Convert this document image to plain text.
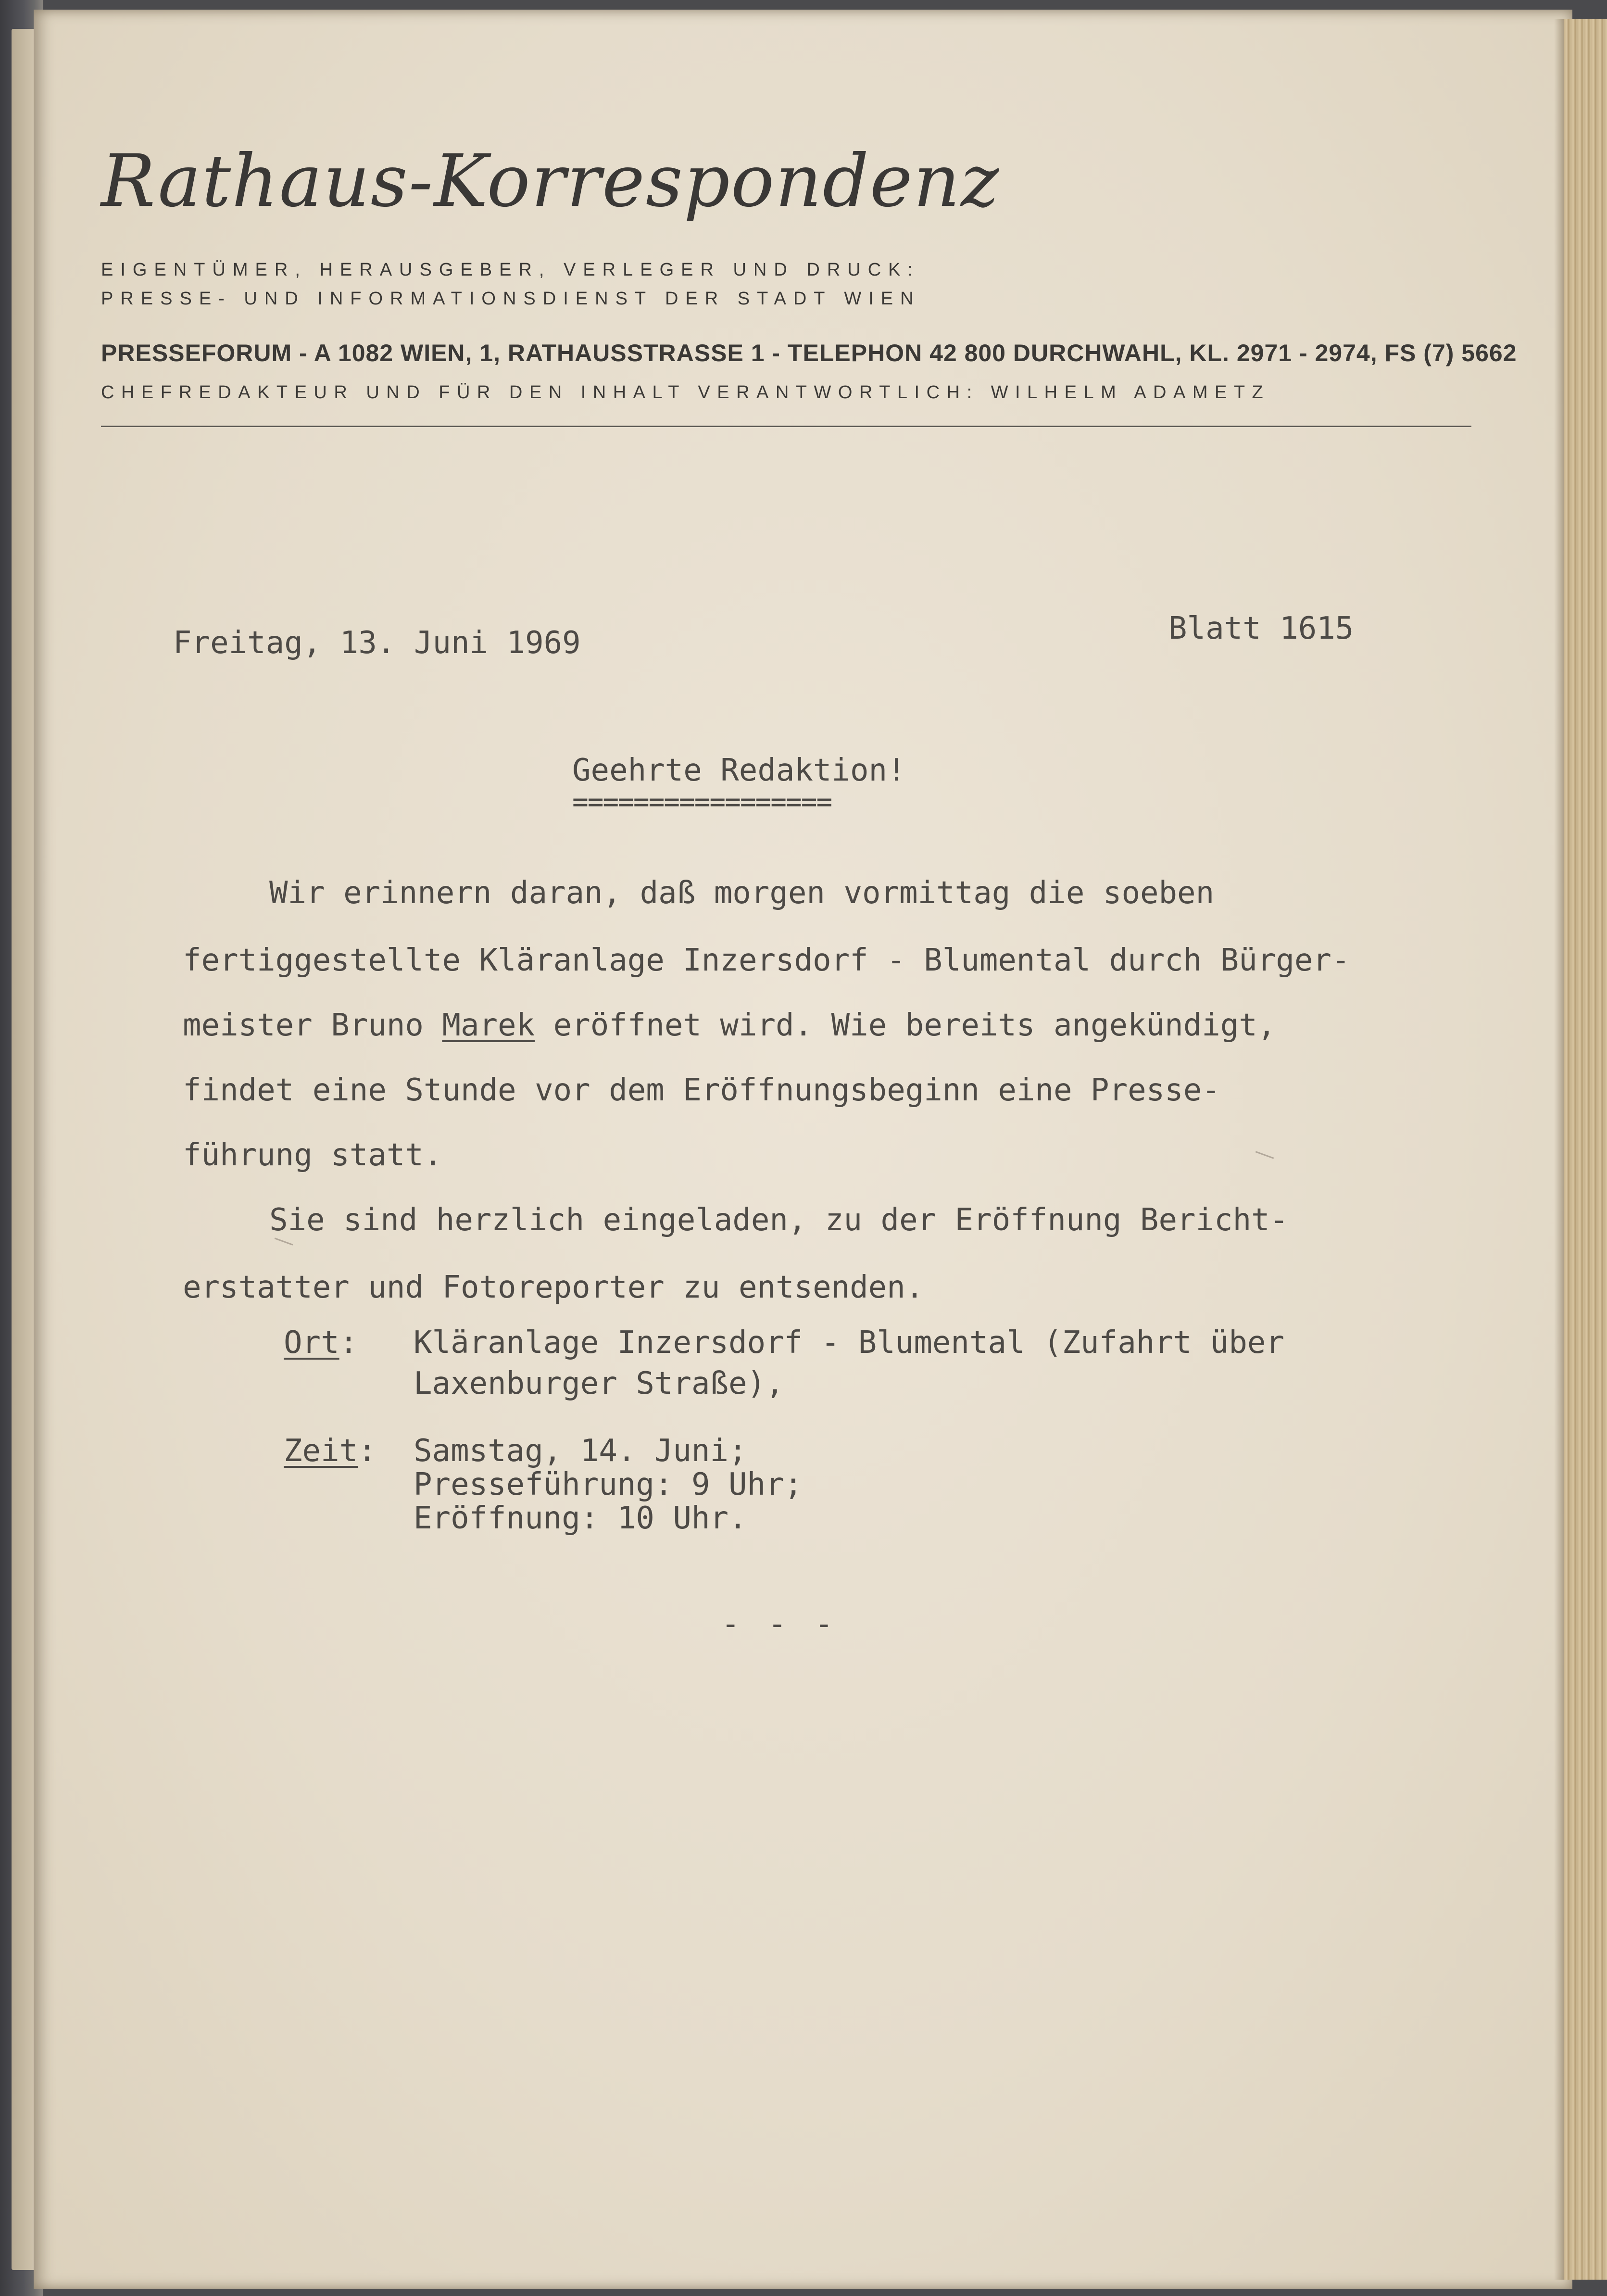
Rathaus-Korrespondenz
EIGENTÜMER, HERAUSGEBER, VERLEGER UND DRUCK:
PRESSE- UND INFORMATIONSDIENST DER STADT WIEN
PRESSEFORUM - A 1082 WIEN, 1, RATHAUSSTRASSE 1 - TELEPHON 42 800 DURCHWAHL, KL. 2971 - 2974, FS (7) 5662
CHEFREDAKTEUR UND FÜR DEN INHALT VERANTWORTLICH: WILHELM ADAMETZ
Freitag, 13. Juni 1969	Blatt 1615
Geehrte Redaktion!
=================
Wir erinnern daran, daß morgen vormittag die soeben
fertiggestellte Kläranlage Inzersdorf - Blumental durch Bürger-
meister Bruno Marek eröffnet wird. Wie bereits angekündigt,
findet eine Stunde vor dem Eröffnungsbeginn eine Presse-
führung statt.
Sie sind herzlich eingeladen, zu der Eröffnung Bericht-
erstatter und Fotoreporter zu entsenden.
Ort: Kläranlage Inzersdorf - Blumental (Zufahrt über
Laxenburger Straße),
Zeit: Samstag, 14. Juni;
Presseführung: 9 Uhr;
Eröffnung: 10 Uhr.
- - -
